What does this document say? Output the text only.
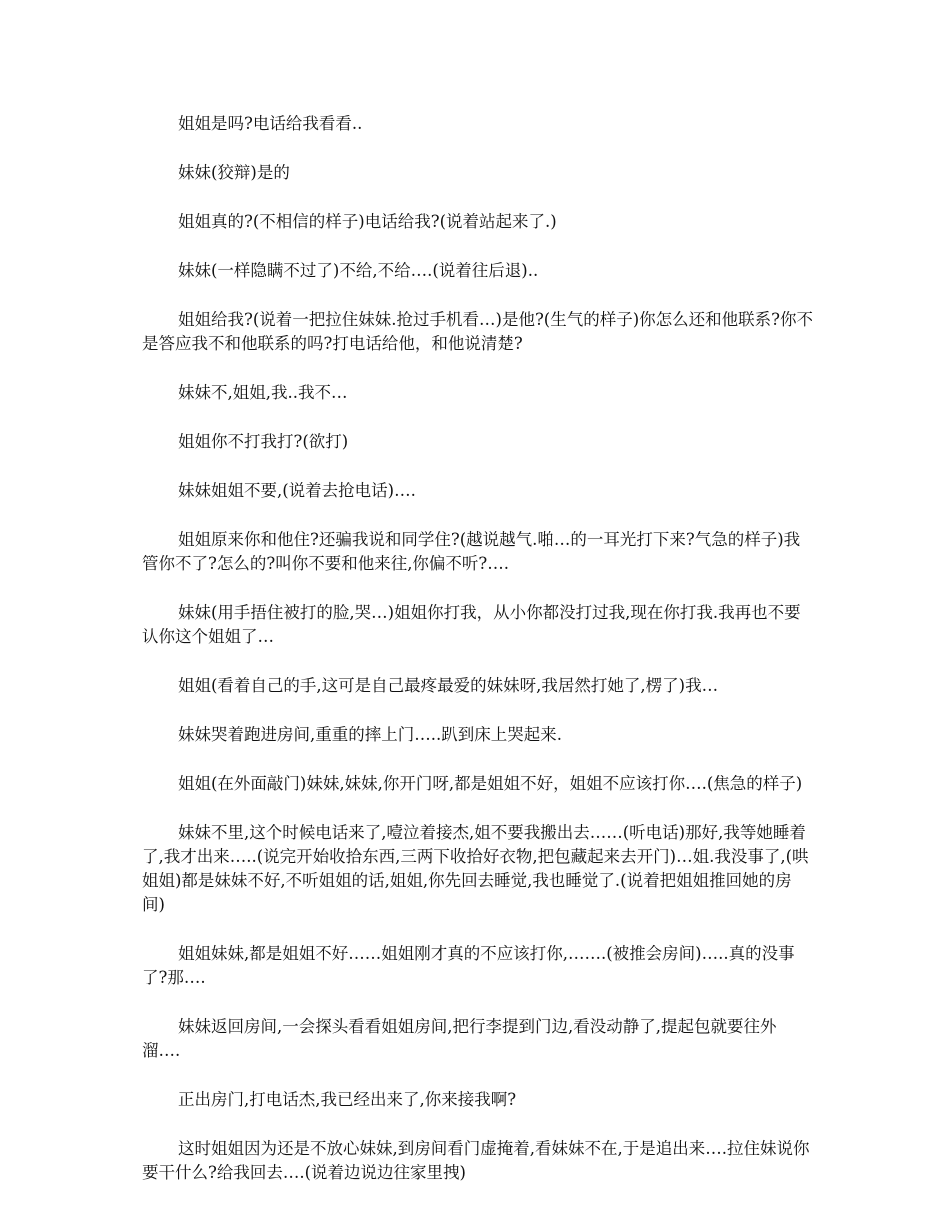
姐姐是吗?电话给我看看..

妹妹(狡辩)是的

姐姐真的?(不相信的样子)电话给我?(说着站起来了.)

妹妹(一样隐瞒不过了)不给,不给….(说着往后退)..

姐姐给我?(说着一把拉住妹妹.抢过手机看…)是他?(生气的样子)你怎么还和他联系?你不是答应我不和他联系的吗?打电话给他，和他说清楚?

妹妹不,姐姐,我..我不…

姐姐你不打我打?(欲打)

妹妹姐姐不要,(说着去抢电话)….

姐姐原来你和他住?还骗我说和同学住?(越说越气.啪…的一耳光打下来?气急的样子)我管你不了?怎么的?叫你不要和他来往,你偏不听?….

妹妹(用手捂住被打的脸,哭…)姐姐你打我，从小你都没打过我,现在你打我.我再也不要认你这个姐姐了…

姐姐(看着自己的手,这可是自己最疼最爱的妹妹呀,我居然打她了,楞了)我…

妹妹哭着跑进房间,重重的摔上门…..趴到床上哭起来.

姐姐(在外面敲门)妹妹,妹妹,你开门呀,都是姐姐不好，姐姐不应该打你….(焦急的样子)

妹妹不里,这个时候电话来了,噎泣着接杰,姐不要我搬出去……(听电话)那好,我等她睡着了,我才出来…..(说完开始收拾东西,三两下收拾好衣物,把包藏起来去开门)…姐.我没事了,(哄姐姐)都是妹妹不好,不听姐姐的话,姐姐,你先回去睡觉,我也睡觉了.(说着把姐姐推回她的房间)

姐姐妹妹,都是姐姐不好……姐姐刚才真的不应该打你,…….(被推会房间)…..真的没事了?那….

妹妹返回房间,一会探头看看姐姐房间,把行李提到门边,看没动静了,提起包就要往外溜….

正出房门,打电话杰,我已经出来了,你来接我啊?

这时姐姐因为还是不放心妹妹,到房间看门虚掩着,看妹妹不在,于是追出来….拉住妹说你要干什么?给我回去….(说着边说边往家里拽)
